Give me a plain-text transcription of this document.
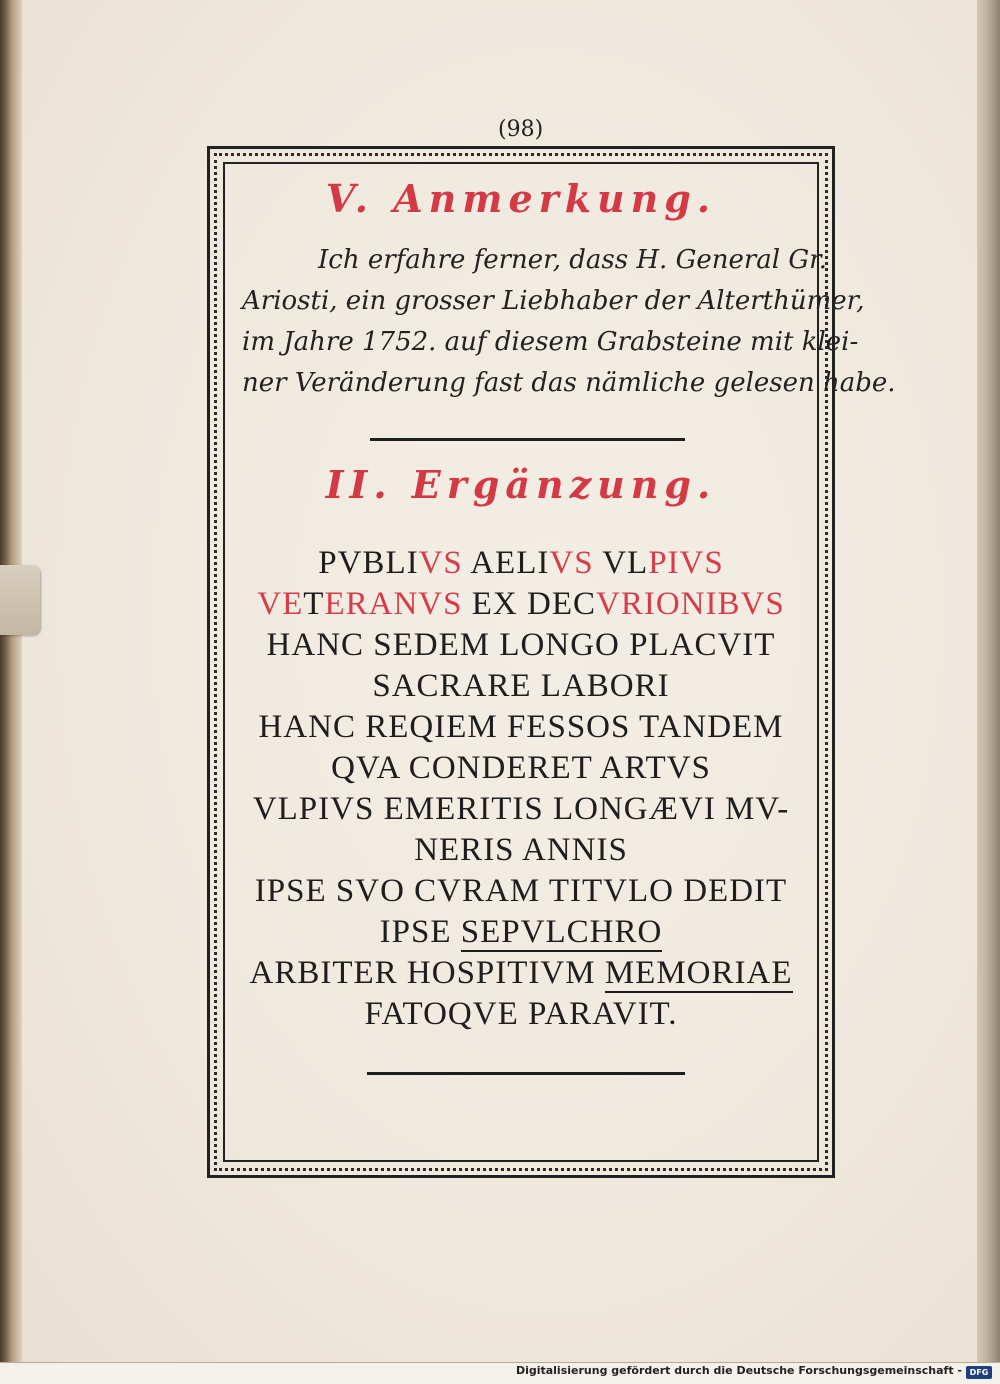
(98)
V. Anmerkung.
Ich erfahre ferner, dass H. General Gr.
Ariosti, ein grosser Liebhaber der Alterthümer,
im Jahre 1752. auf diesem Grabsteine mit klei-
ner Veränderung fast das nämliche gelesen habe.
II. Ergänzung.
PVBLIVS AELIVS VLPIVS
VETERANVS EX DECVRIONIBVS
HANC SEDEM LONGO PLACVIT
SACRARE LABORI
HANC REQIEM FESSOS TANDEM
QVA CONDERET ARTVS
VLPIVS EMERITIS LONGÆVI MV-
NERIS ANNIS
IPSE SVO CVRAM TITVLO DEDIT
IPSE SEPVLCHRO
ARBITER HOSPITIVM MEMORIAE
FATOQVE PARAVIT.
Digitalisierung gefördert durch die Deutsche Forschungsgemeinschaft - DFG
